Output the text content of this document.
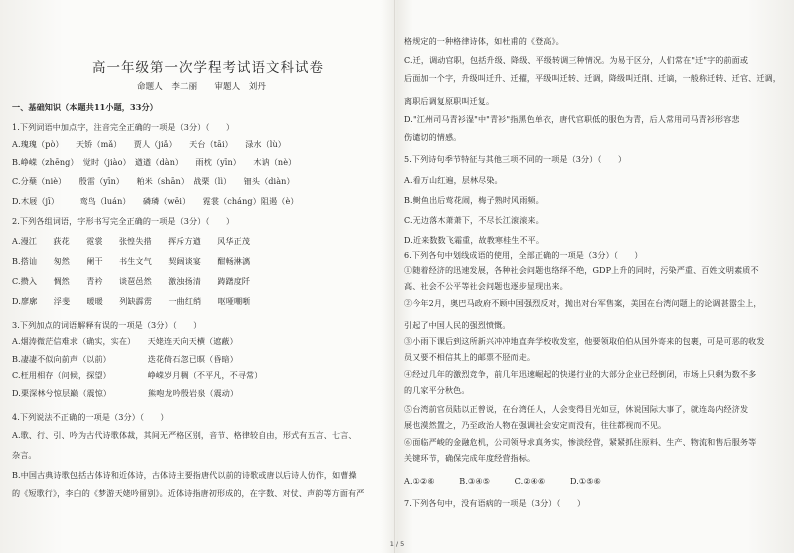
高一年级第一次学程考试语文科试卷
命题人　李二丽　　审题人　刘丹
一、基础知识（本题共11小题，33分）
1.下列词语中加点字，注音完全正确的一项是（3分）（　　）
A.瑰瑰（pò）　　天矫（mǎ）　　贾人（jiǎ）　　天台（tāi）　　渌水（lù）
B.峥嵘（zhēng）　觉时（jiào）　遒遒（dàn）　　雨枕（yīn）　　木讷（nè）
C.分蘖（niè）　　殷雷（yīn）　　粕米（shān）　战栗（lì）　　钿头（diàn）
D.木屐（jī）　　　鸾鸟（luán）　　磷璘（wēi）　　霓裳（cháng）阻遏（è）
2.下列各组词语，字形书写完全正确的一项是（3分）（　　）
A.漫江　　荻花　　霓裳　　张惶失措　　挥斥方遒　　风华正茂
B.搭讪　　匆然　　阑干　　书生文气　　契阔谈宴　　酣畅淋漓
C.攒入　　惆然　　青衿　　谈琶邑然　　激浊扬清　　踌躇度阡
D.廖廓　　浮斐　　暖暖　　列缺霹雳　　一曲红绡　　呕哑嘲哳
3.下列加点的词语解释有误的一项是（3分）（　　）
A.烟涛微茫信难求（确实，实在）　　天姥连天向天横（遮蔽）
B.凄凄不似向前声（以前）　　　　　迭花倚石忽已暝（昏暗）
C.枉用相存（问候，探望）　　　　　峥嵘岁月稠（不平凡，不寻常）
D.栗深林兮惊层巅（震惊）　　　　　熊咆龙吟殷岩泉（震动）
4.下列说法不正确的一项是（3分）（　　）
A.歌、行、引、吟为古代诗歌体裁，其间无严格区别，音节、格律较自由，形式有五言、七言、
杂言。
B.中国古典诗歌包括古体诗和近体诗，古体诗主要指唐代以前的诗歌或唐以后诗人仿作，如曹操
的《短歌行》，李白的《梦游天姥吟留别》。近体诗指唐初形成的，在字数、对仗、声韵等方面有严
格规定的一种格律诗体，如杜甫的《登高》。
C.迁，调动官职，包括升级、降级、平级转调三种情况。为易于区分，人们常在"迁"字的前面或
后面加一个字，升级叫迁升、迁擢，平级叫迁转、迁调，降级叫迁削、迁谪，一般称迁转、迁官、迁调，
离职后调复原职叫迁复。
D."江州司马青衫湿"中"青衫"指黑色单衣，唐代官职低的服色为青，后人常用司马青衫形容悲
伤谴切的情感。
5.下列诗句季节特征与其他三项不同的一项是（3分）（　　）
A.看万山红遍，层林尽染。
B.鲥鱼出后莺花闹，梅子熟时风雨频。
C.无边落木萧萧下，不尽长江滚滚来。
D.近来数数飞霜重，故教寒桂生不平。
6.下列各句中划线成语的使用，全部正确的一项是（3分）（　　）
①随着经济的迅速发展，各种社会问题也络绎不绝，GDP上升的同时，污染严重、百姓文明素质不
高、社会不公平等社会问题也逐步显现出来。
②今年2月，奥巴马政府不顾中国强烈反对，抛出对台军售案，美国在台湾问题上的论调甚嚣尘上，
引起了中国人民的强烈愤慨。
③小雨下课后到这所新兴冲冲地直奔学校收发室，他要领取伯伯从国外寄来的包裹，可是可恶的收发
员又要不相信其上的邮票不胫而走。
④经过几年的激烈竞争，前几年迅速崛起的快递行业的大部分企业已经倒闭，市场上只剩为数不多
的几家平分秋色。
⑤台湾前官员陆以正曾说，在台湾任人，人会变得目光如豆，休说国际大事了，就连岛内经济发
展也漠然置之，乃至政治人物在强调社会安定而没有，往往都视而不见。
⑥面临严峻的金融危机，公司领导求真务实，惨淡经营，紧紧抓住原料、生产、物流和售后服务等
关键环节，确保完成年度经营指标。
A.①②⑥　　　B.③④⑤　　　C.②④⑥　　　D.①⑤⑥
7.下列各句中，没有语病的一项是（3分）（　　）
1 / 5
